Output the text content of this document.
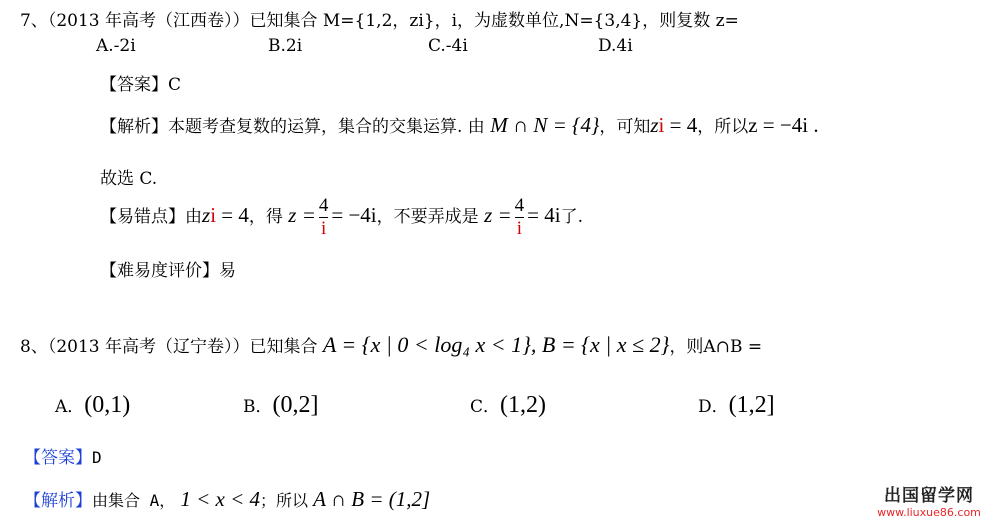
7、（2013 年高考（江西卷））已知集合 M={1,2，zi}，i，为虚数单位,N={3,4}，则复数 z=
A.-2i	B.2i	C.-4i	D.4i
【答案】C
【解析】本题考查复数的运算，集合的交集运算. 由 M ∩ N = {4}，可知zi = 4，所以z = −4i .
故选 C.
【易错点】由zi = 4，得 $z = \frac{4}{i} = -4i$，不要弄成是 $z = \frac{4}{i} = 4i$了.
【难易度评价】易
8、（2013 年高考（辽宁卷））已知集合 A = {x | 0 < log₄ x < 1}, B = {x | x ≤ 2}，则A∩B =
A．(0,1)	B．(0,2]	C．(1,2)	D．(1,2]
【答案】D
【解析】由集合 A， 1 < x < 4；所以 A ∩ B = (1,2]	出国留学网
www.liuxue86.com
